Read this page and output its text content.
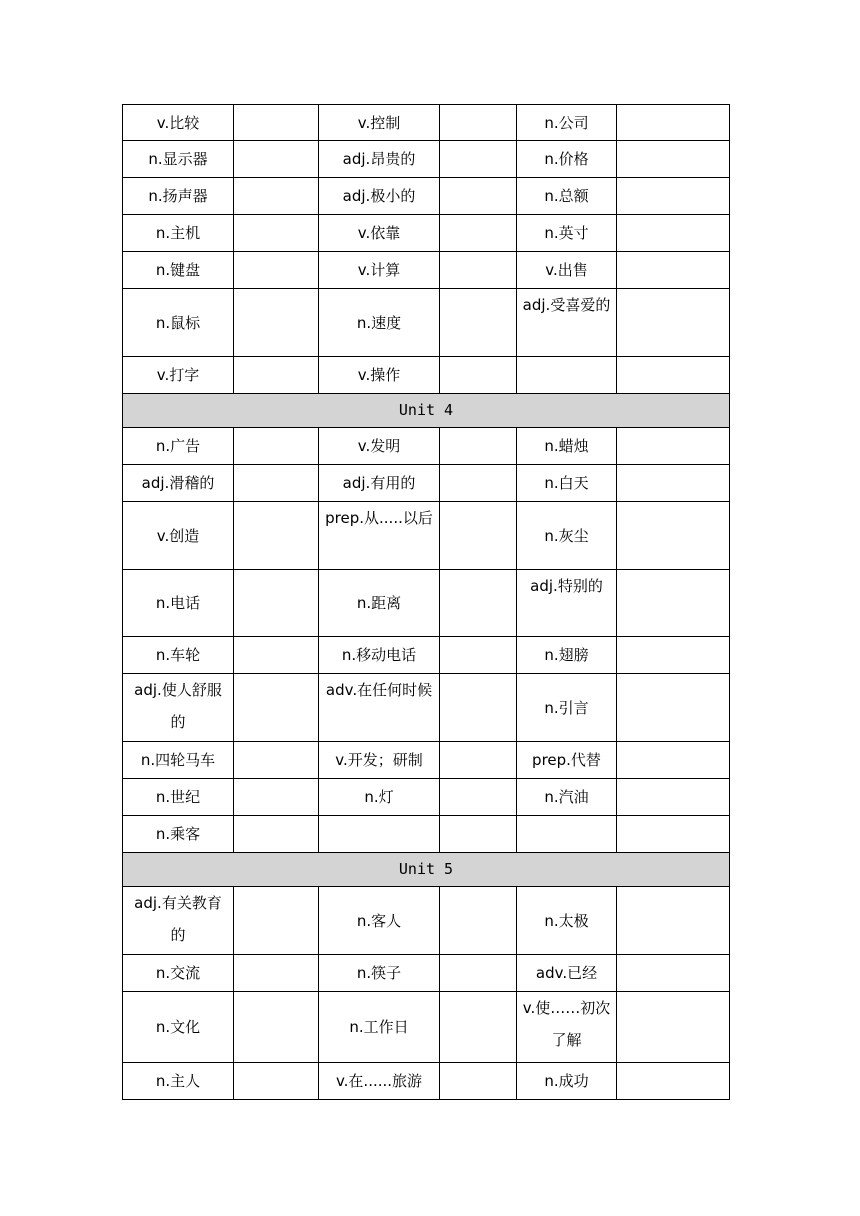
v.比较		v.控制		n.公司	
n.显示器		adj.昂贵的		n.价格	
n.扬声器		adj.极小的		n.总额	
n.主机		v.依靠		n.英寸	
n.键盘		v.计算		v.出售	
n.鼠标		n.速度		adj.受喜爱的	
v.打字		v.操作			
Unit 4					
n.广告		v.发明		n.蜡烛	
adj.滑稽的		adj.有用的		n.白天	
v.创造		prep.从.....以后		n.灰尘	
n.电话		n.距离		adj.特别的	
n.车轮		n.移动电话		n.翅膀	
adj.使人舒服的		adv.在任何时候		n.引言	
n.四轮马车		v.开发；研制		prep.代替	
n.世纪		n.灯		n.汽油	
n.乘客					
Unit 5					
adj.有关教育的		n.客人		n.太极	
n.交流		n.筷子		adv.已经	
n.文化		n.工作日		v.使……初次了解	
n.主人		v.在......旅游		n.成功	
